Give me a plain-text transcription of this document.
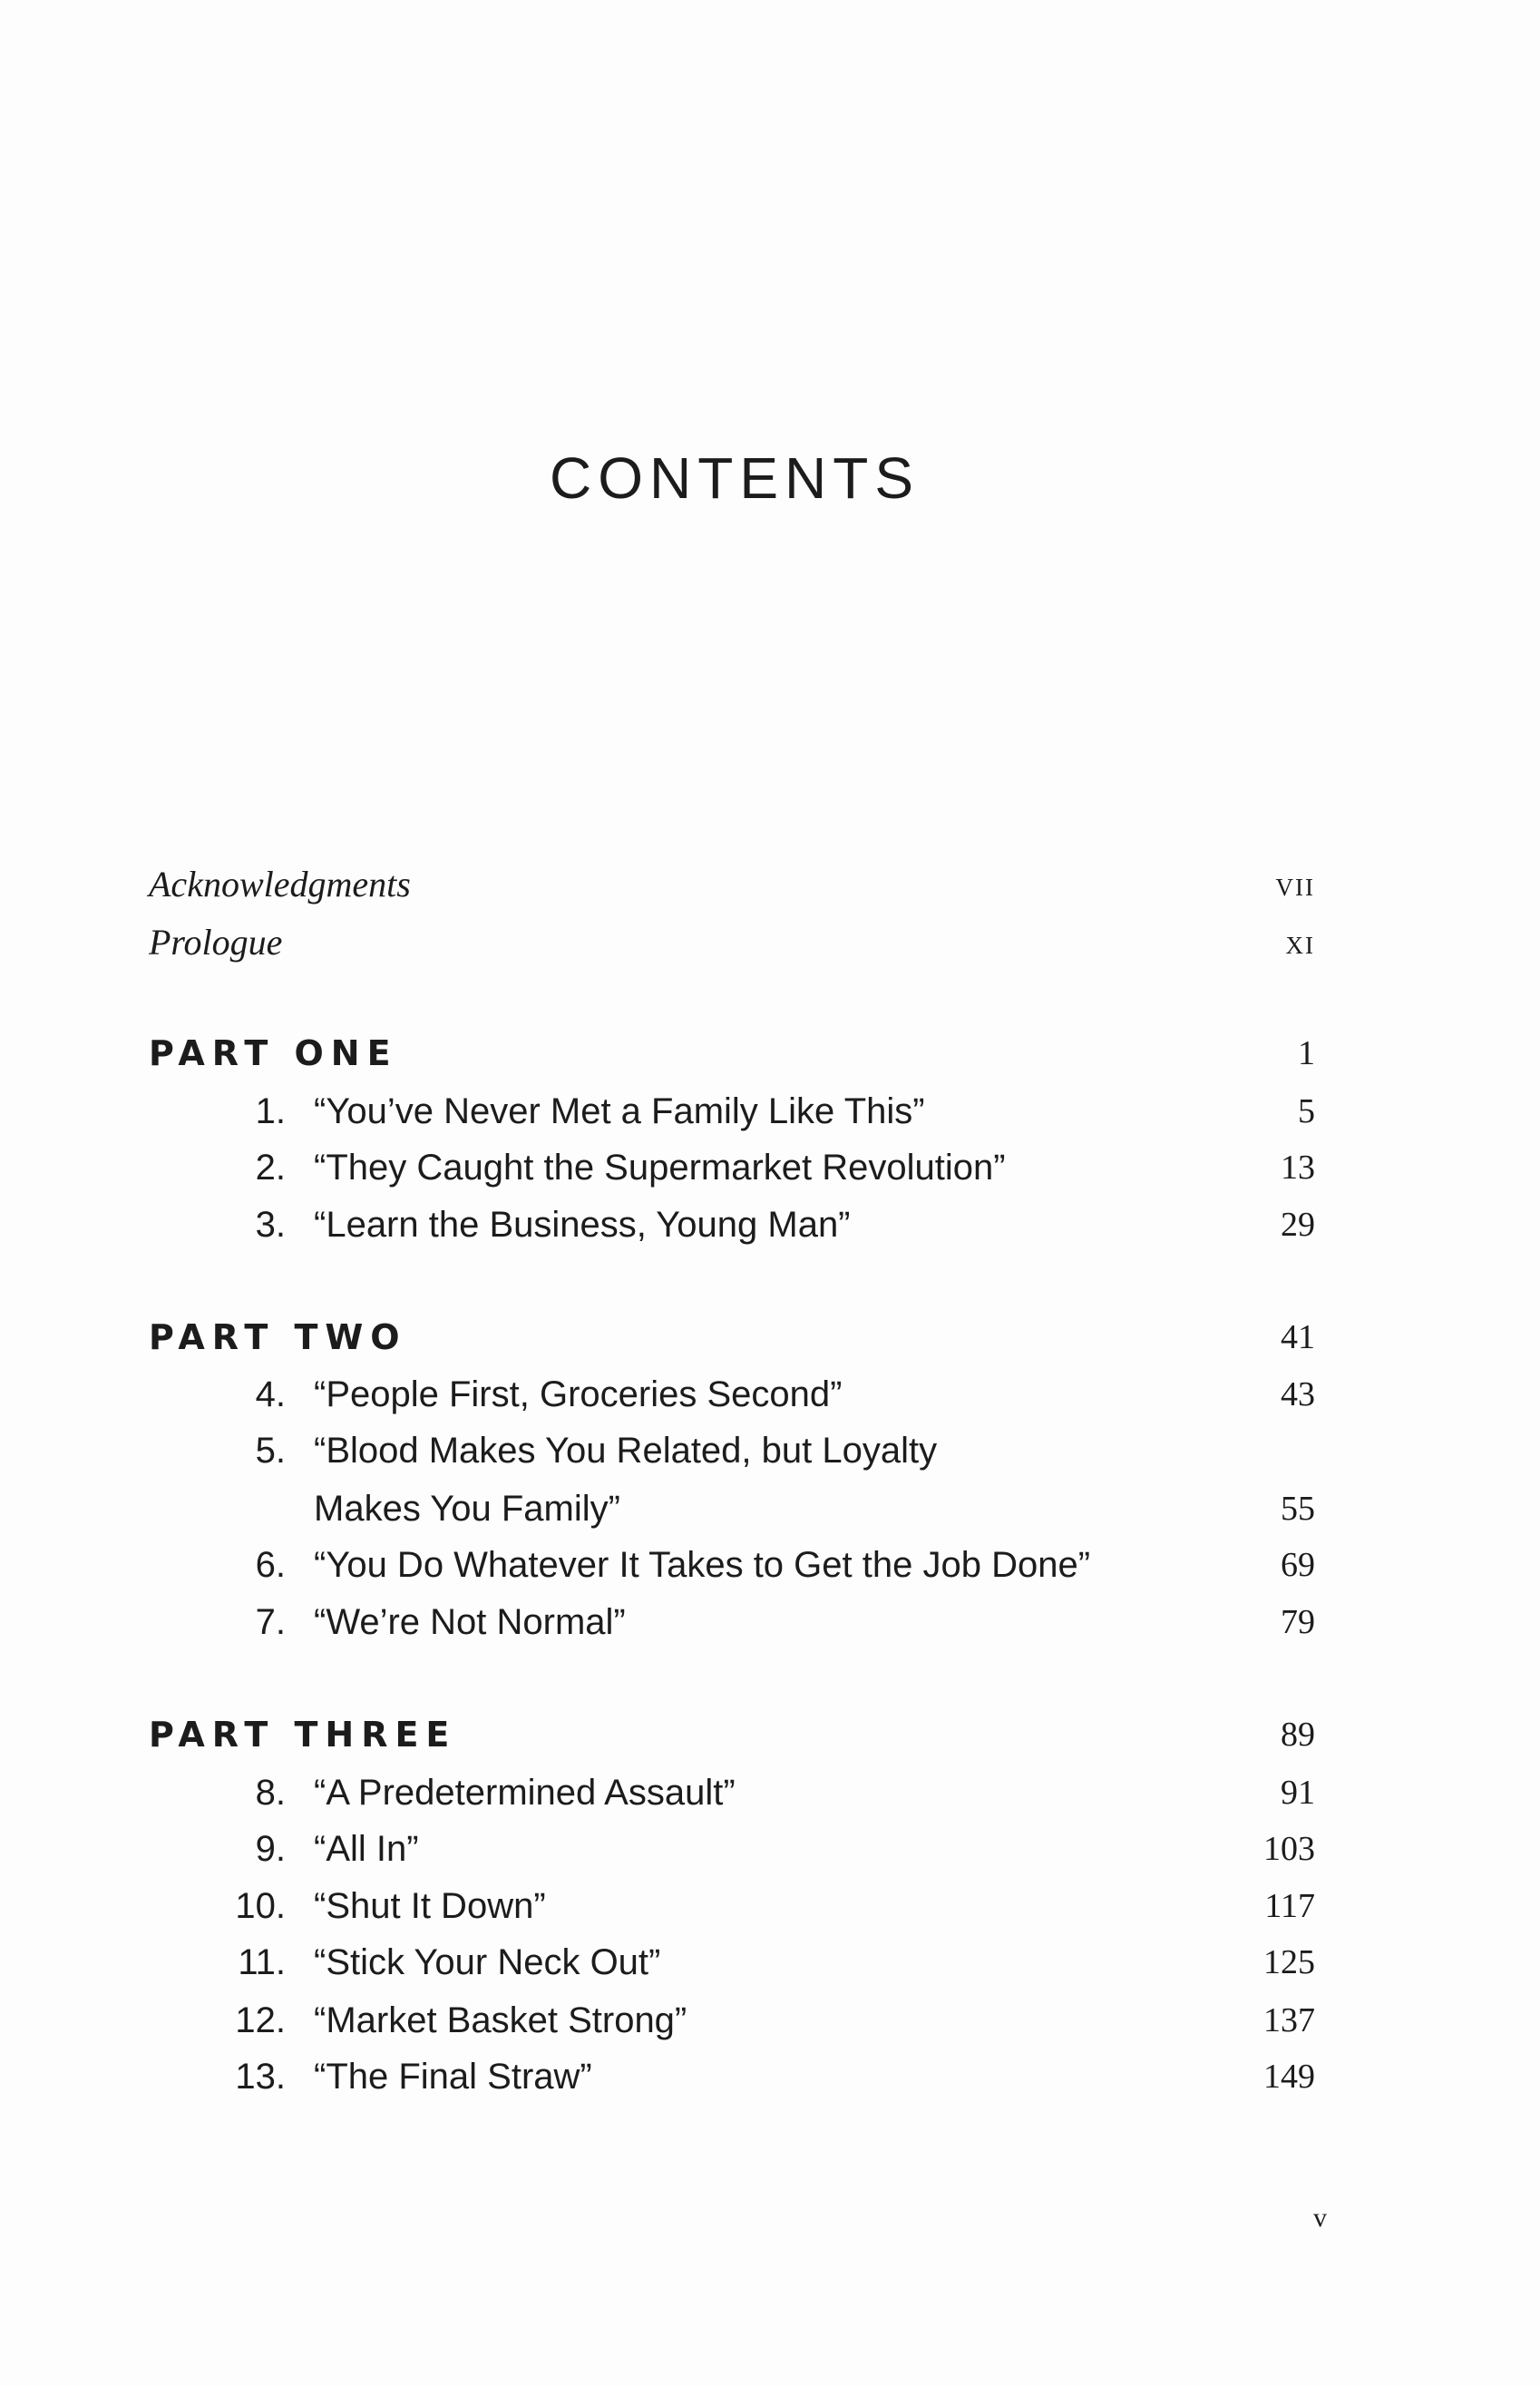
CONTENTS
Acknowledgments	vii
Prologue	xi
PART ONE	1
1. “You’ve Never Met a Family Like This”	5
2. “They Caught the Supermarket Revolution”	13
3. “Learn the Business, Young Man”	29
PART TWO	41
4. “People First, Groceries Second”	43
5. “Blood Makes You Related, but Loyalty
Makes You Family”	55
6. “You Do Whatever It Takes to Get the Job Done”	69
7. “We’re Not Normal”	79
PART THREE	89
8. “A Predetermined Assault”	91
9. “All In”	103
10. “Shut It Down”	117
11. “Stick Your Neck Out”	125
12. “Market Basket Strong”	137
13. “The Final Straw”	149
v
